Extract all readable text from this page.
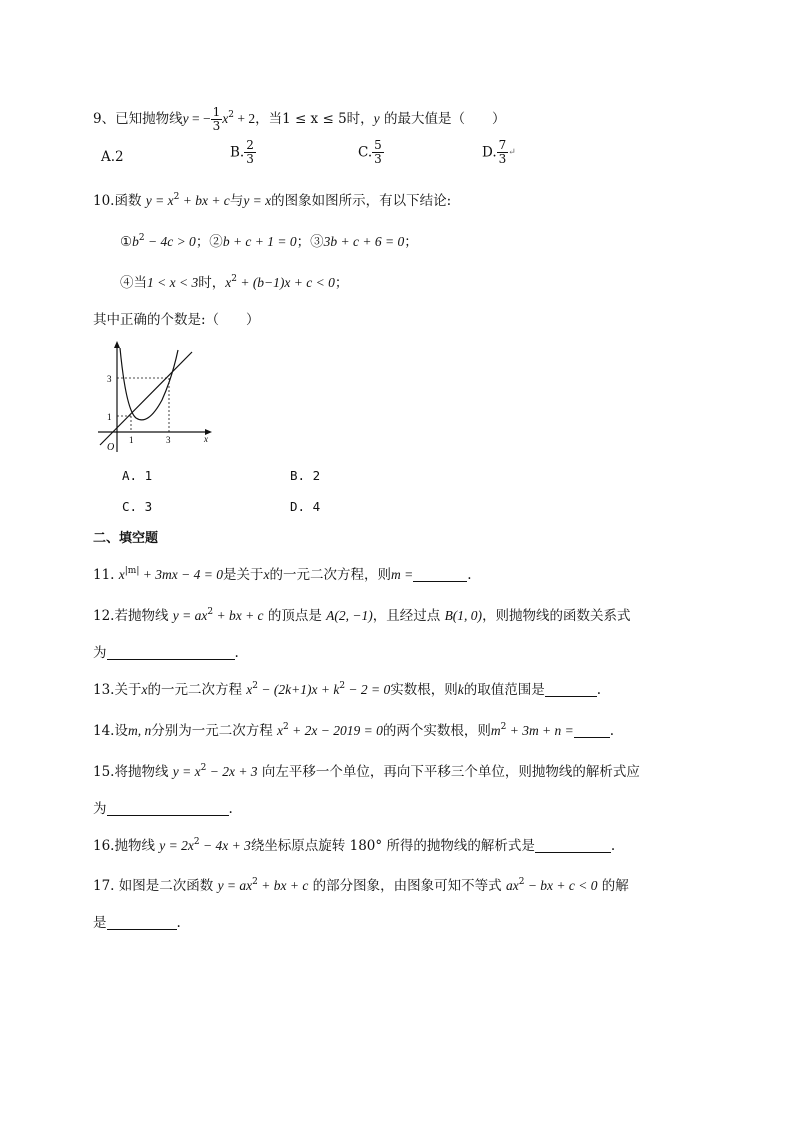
9、已知抛物线y = − $\frac{1}{3} x^2 + 2$，当1 ≤ x ≤ 5时，y 的最大值是（　　）
A.2	B. $\frac{2}{3}$	C. $\frac{5}{3}$	D. $\frac{7}{3}$ ↵
10.函数 $y = x^2$ + bx + c与y = x的图象如图所示，有以下结论:
$①b^2 - 4c > 0$；②b + c + 1 = 0；③3b + c + 6 = 0；
④当1 < x < 3时，$x^2 + (b-1)x + c < 0$；
其中正确的个数是:（　　）
3
1
1	3	x
O
A. 1	B. 2
C. 3	D. 4
二、填空题
11. $x^{|m|} + 3mx - 4 = 0$是关于x的一元二次方程，则m =	.
12.若抛物线 $y = ax^2$ + bx + c 的顶点是 A(2, −1)，且经过点 B(1, 0)，则抛物线的函数关系式
为	.
13.关于x的一元二次方程 $x^2 - (2k+1)x + k^2 - 2 = 0$实数根，则k的取值范围是	.
14.设m, n分别为一元二次方程 $x^2 + 2x - 2019 = 0$的两个实数根，则$m^2 + 3m + n$ =	.
15.将抛物线 $y = x^2 - 2x + 3$ 向左平移一个单位，再向下平移三个单位，则抛物线的解析式应
为	.
16.抛物线 $y = 2x^2 - 4x + 3$绕坐标原点旋转 180° 所得的抛物线的解析式是	.
17. 如图是二次函数 $y = ax^2$ + bx + c 的部分图象，由图象可知不等式 $ax^2$ − bx + c < 0 的解
是	.
